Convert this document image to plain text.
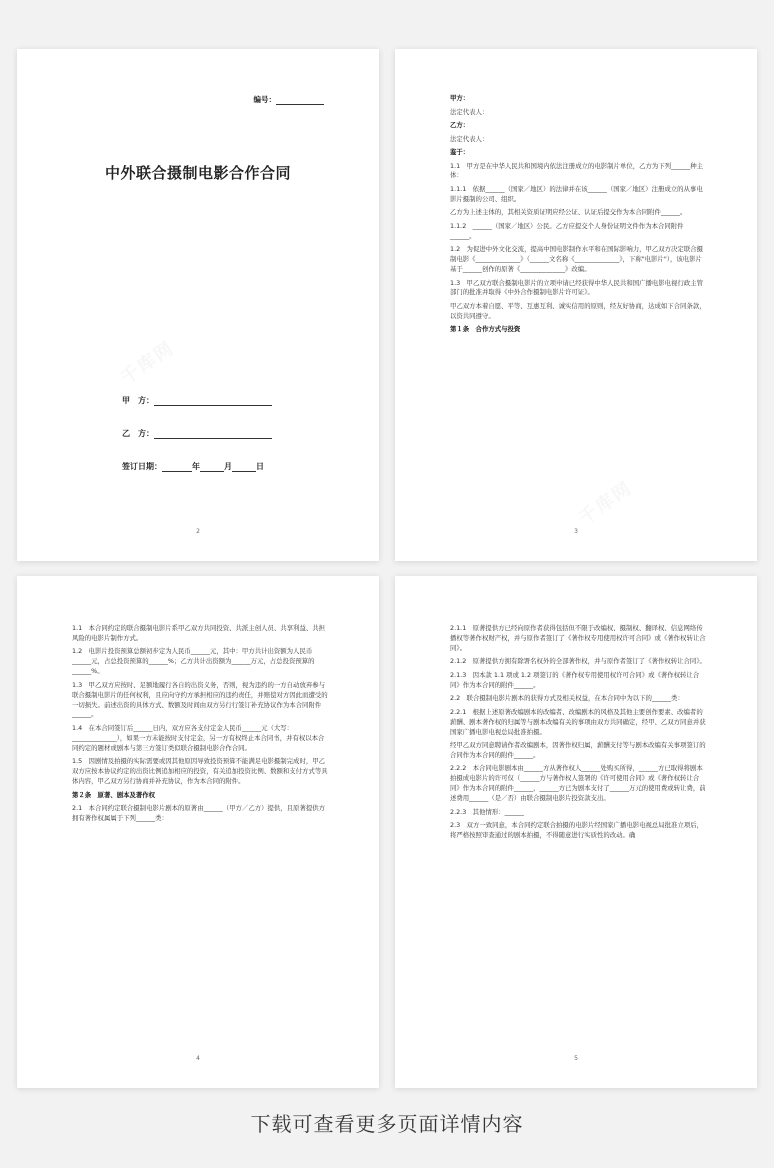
编号：
中外联合摄制电影合作合同
甲　方：
乙　方：
签订日期：	年	月	日
2

甲方：

法定代表人：

乙方：

法定代表人：

鉴于：

1.1　甲方是在中华人民共和国境内依法注册成立的电影制片单位，乙方为下列______种主体：

1.1.1　依据______（国家／地区）的法律并在该______（国家／地区）注册成立的从事电影片摄制的公司、组织。

乙方为上述主体的，其相关资质证明应经公证、认证后提交作为本合同附件______。

1.1.2　______（国家／地区）公民。乙方应提交个人身份证明文件作为本合同附件______。

1.2　为促进中外文化交流，提高中国电影制作水平和在国际影响力，甲乙双方决定联合摄制电影《______________》（______文名称《______________》，下称"电影片"），该电影片基于______创作的原著《______________》改编。

1.3　甲乙双方联合摄制电影片的立项申请已经获得中华人民共和国广播电影电视行政主管部门的批准并取得《中外合作摄制电影片许可证》。

甲乙双方本着自愿、平等、互惠互利、诚实信用的原则，经友好协商，达成如下合同条款，以资共同遵守。

第１条　合作方式与投资

3

1.1　本合同约定的联合摄制电影片系甲乙双方共同投资、共派主创人员、共享利益、共担风险的电影片制作方式。

1.2　电影片投资预算总额初步定为人民币______元，其中：甲方共计出资额为人民币______元，占总投资预算的______%；乙方共计出资额为______万元，占总投资预算的______%。

1.3　甲乙双方应按时、足额地履行各自的出资义务，否则，视为违约的一方自动放弃参与联合摄制电影片的任何权利，且应向守约方承担相应的违约责任，并赔偿对方因此而遭受的一切损失。前述出资的具体方式、数额及时间由双方另行行签订补充协议作为本合同附件______。

1.4　在本合同签订后______日内，双方应各支付定金人民币______元（大写：______________），如果一方未能按时支付定金，另一方有权终止本合同书，并有权以本合同约定的题材或剧本与第三方签订类似联合摄制电影合作合同。

1.5　因剧情及拍摄的实际需要或因其他原因导致投资预算不能满足电影摄制完成时，甲乙双方应按本协议约定的出资比例追加相应的投资，有关追加投资比例、数额和支付方式等具体内容，甲乙双方另行协商并补充协议，作为本合同的附件。

第２条　原著、剧本及著作权

2.1　本合同约定联合摄制电影片剧本的原著由______（甲方／乙方）提供，且原著提供方拥有著作权属属于下列______类：

4

2.1.1　原著提供方已经向原作者获得包括但不限于改编权、摄制权、翻译权、信息网络传播权等著作权财产权，并与原作者签订了《著作权专用使用权许可合同》或《著作权转让合同》。

2.1.2　原著提供方拥有除署名权外的全部著作权，并与原作者签订了《著作权转让合同》。

2.1.3　因本款 1.1 项或 1.2 项签订的《著作权专用使用权许可合同》或《著作权转让合同》作为本合同的附件______。

2.2　联合摄制电影片剧本的获得方式及相关权益，在本合同中为以下的______类：

2.2.1　根据上述原著改编剧本的改编者、改编剧本的风格及其他主要创作要素、改编者的薪酬、剧本著作权的归属等与剧本改编有关的事项由双方共同确定，经甲、乙双方同意并获国家广播电影电视总局批准拍摄。

经甲乙双方同意聘请作者改编剧本，因著作权归属，薪酬支付等与剧本改编有关事项签订的合同作为本合同的附件______。

2.2.2　本合同电影剧本由______方从著作权人______处购买所得，______方已取得将剧本拍摄成电影片的许可仅（______方与著作权人签署的《许可使用合同》或《著作权转让合同》作为本合同的附件______，______方已为剧本支付了______万元的使用费或转让费，前述费用______（是／否）由联合摄制电影片投资款支出。

2.2.3　其他情形：______

2.3　双方一致同意，本合同约定联合拍摄的电影片经国家广播电影电视总局批准立项后，将严格按照审查通过的剧本拍摄，不得随意进行实质性的改动。确

5
下载可查看更多页面详情内容
